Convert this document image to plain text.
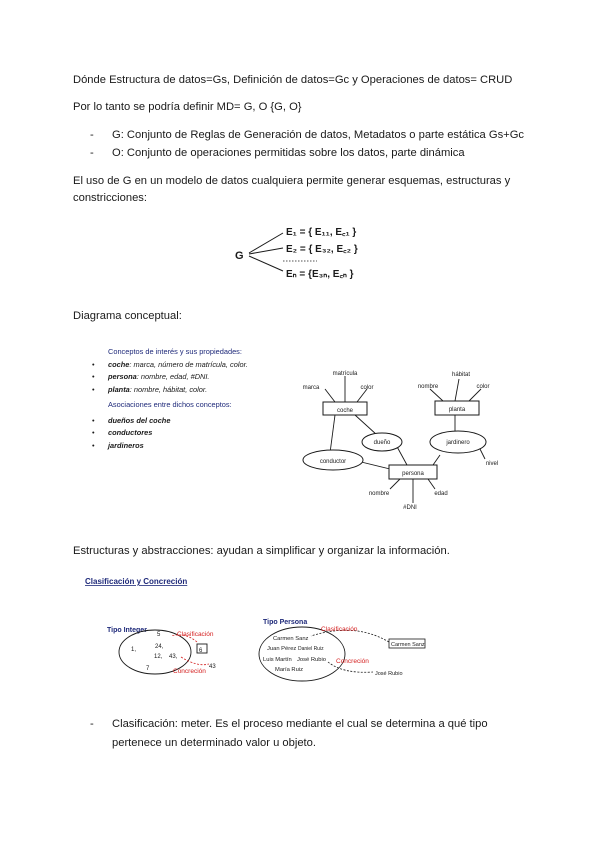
Dónde Estructura de datos=Gs, Definición de datos=Gc y Operaciones de datos= CRUD

Por lo tanto se podría definir MD= G, O {G, O}

- G: Conjunto de Reglas de Generación de datos, Metadatos o parte estática Gs+Gc
- O: Conjunto de operaciones permitidas sobre los datos, parte dinámica

El uso de G en un modelo de datos cualquiera permite generar esquemas, estructuras y constricciones:

G
E₁ = { E₁₁, E꜀₁ }
E₂ = { E₃₂, E꜀₂ }
Eₙ = {E₃ₙ, E꜀ₙ }

Diagrama conceptual:

Conceptos de interés y sus propiedades:
• coche: marca, número de matrícula, color.
• persona: nombre, edad, #DNI.
• planta: nombre, hábitat, color.
Asociaciones entre dichos conceptos:
• dueños del coche
• conductores
• jardineros
coche	planta
persona
dueño
conductor
jardinero
marca
matrícula
color
hábitat
nombre	color
nivel
nombre	edad
#DNI

Estructuras y abstracciones: ayudan a simplificar y organizar la información.

Clasificación y Concreción
Tipo Integer
5
24,
1,
12, 43,
7
6
Clasificación
Concreción
43
Tipo Persona
Carmen Sanz
Juan Pérez Daniel Ruiz
Luis Martín José Rubio
María Ruiz
Clasificación
Carmen Sanz
Concreción
José Rubio
- Clasificación: meter. Es el proceso mediante el cual se determina a qué tipo
pertenece un determinado valor u objeto.
